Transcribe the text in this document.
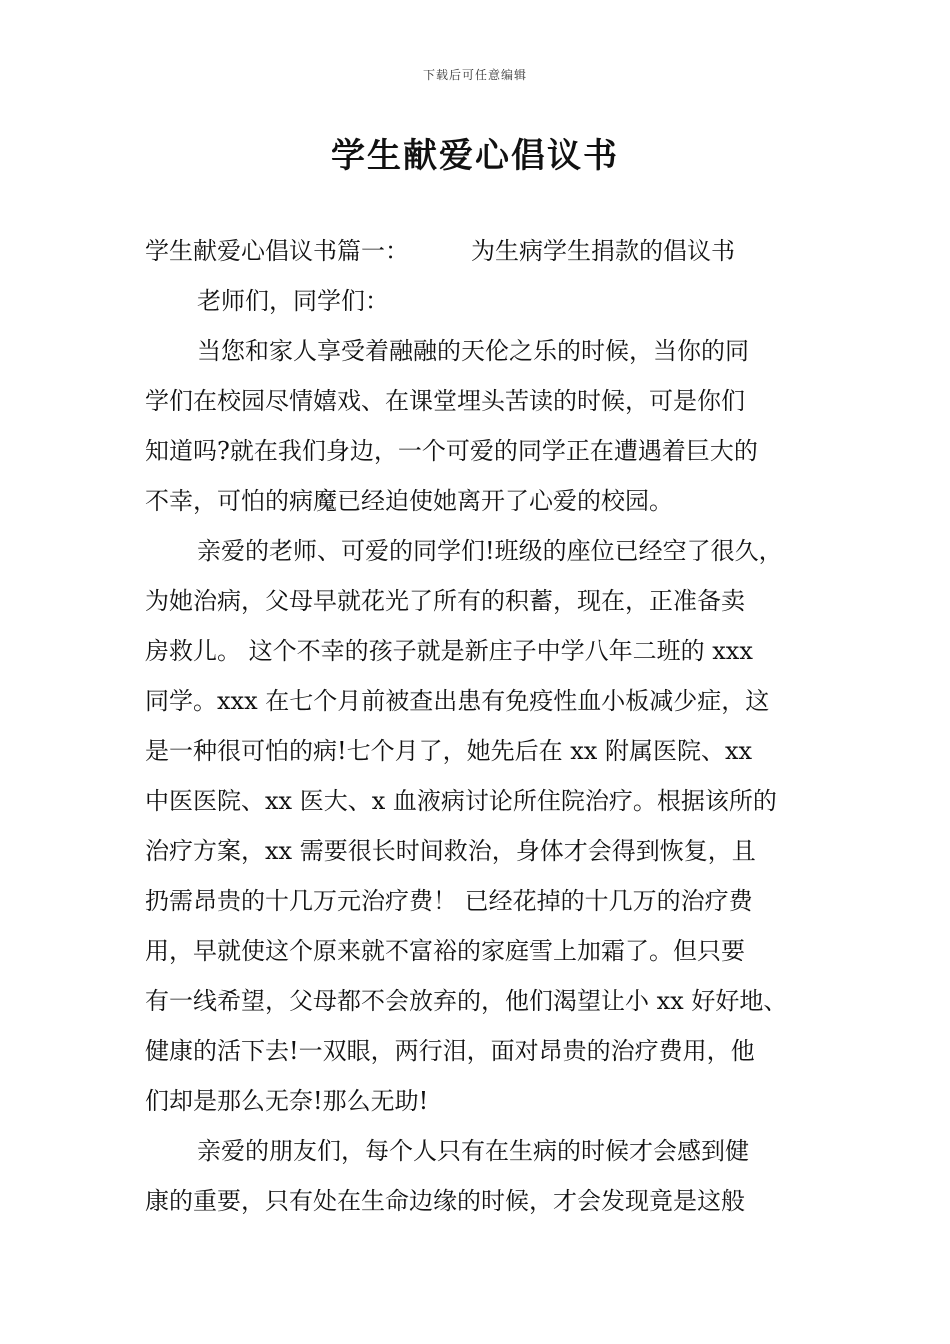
下载后可任意编辑
学生献爱心倡议书
学生献爱心倡议书篇一：	为生病学生捐款的倡议书
老师们，同学们：
当您和家人享受着融融的天伦之乐的时候，当你的同
学们在校园尽情嬉戏、在课堂埋头苦读的时候，可是你们
知道吗?就在我们身边，一个可爱的同学正在遭遇着巨大的
不幸，可怕的病魔已经迫使她离开了心爱的校园。
亲爱的老师、可爱的同学们!班级的座位已经空了很久，
为她治病，父母早就花光了所有的积蓄，现在，正准备卖
房救儿。 这个不幸的孩子就是新庄子中学八年二班的 xxx
同学。xxx 在七个月前被查出患有免疫性血小板减少症，这
是一种很可怕的病!七个月了，她先后在 xx 附属医院、xx
中医医院、xx 医大、x 血液病讨论所住院治疗。根据该所的
治疗方案，xx 需要很长时间救治，身体才会得到恢复，且
扔需昂贵的十几万元治疗费！ 已经花掉的十几万的治疗费
用，早就使这个原来就不富裕的家庭雪上加霜了。但只要
有一线希望，父母都不会放弃的，他们渴望让小 xx 好好地、
健康的活下去!一双眼，两行泪，面对昂贵的治疗费用，他
们却是那么无奈!那么无助!
亲爱的朋友们，每个人只有在生病的时候才会感到健
康的重要，只有处在生命边缘的时候，才会发现竟是这般
